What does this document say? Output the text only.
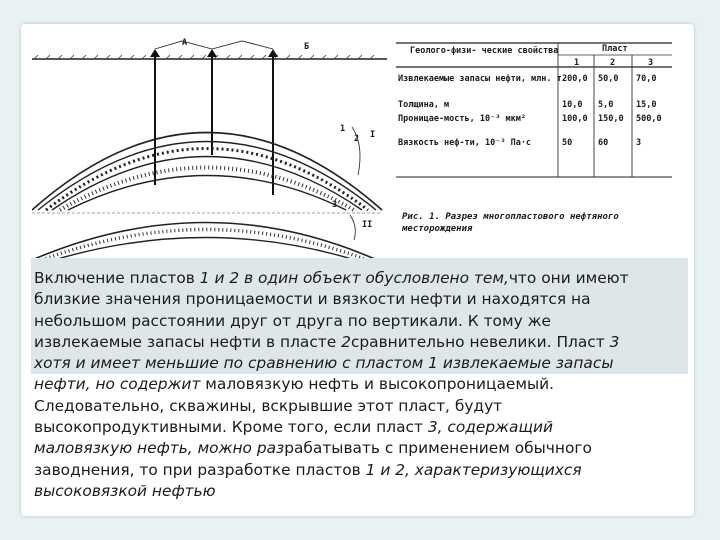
А	Б
1
2
3
I
II
Геолого-физи- ческие свойства	Пласт
1	2	3
Извлекаемые запасы нефти, млн. т 200,0 50,0 70,0
Толщина, м	10,0 5,0	15,0
Проницае-мость, 10⁻³ мкм²	100,0 150,0 500,0
Вязкость неф-ти, 10⁻³ Па·с	50	60	3
Рис. 1. Разрез многопластового нефтяного месторождения
Включение пластов 1 и 2 в один объект обусловлено тем,что они имеют
близкие значения проницаемости и вязкости нефти и находятся на
небольшом расстоянии друг от друга по вертикали. К тому же
извлекаемые запасы нефти в пласте 2сравнительно невелики. Пласт 3
хотя и имеет меньшие по сравнению с пластом 1 извлекаемые запасы
нефти, но содержит маловязкую нефть и высокопроницаемый.
Следовательно, скважины, вскрывшие этот пласт, будут
высокопродуктивными. Кроме того, если пласт 3, содержащий
маловязкую нефть, можно разрабатывать с применением обычного
заводнения, то при разработке пластов 1 и 2, характеризующихся
высоковязкой нефтью
